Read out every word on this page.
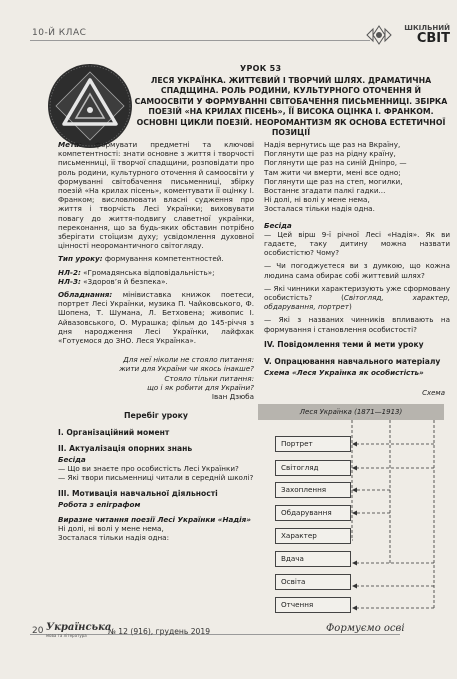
10-Й КЛАС	ШКІЛЬНИЙ
СВІТ
УРОК 53
ЛЕСЯ УКРАЇНКА. ЖИТТЄВИЙ І ТВОРЧИЙ ШЛЯХ. ДРАМАТИЧНА СПАДЩИНА. РОЛЬ РОДИНИ, КУЛЬТУРНОГО ОТОЧЕННЯ Й САМООСВІТИ У ФОРМУВАННІ СВІТОБАЧЕННЯ ПИСЬМЕННИЦІ. ЗБІРКА ПОЕЗІЙ «НА КРИЛАХ ПІСЕНЬ», ЇЇ ВИСОКА ОЦІНКА І. ФРАНКОМ. ОСНОВНІ ЦИКЛИ ПОЕЗІЙ. НЕОРОМАНТИЗМ ЯК ОСНОВА ЕСТЕТИЧНОЇ ПОЗИЦІЇ

Мета: формувати предметні та ключові компетентності: знати основне з життя і творчості письменниці, її творчої спадщини, розповідати про роль родини, культурного оточення й самоосвіти у формуванні світобачення письменниці, збірку поезій «На крилах пісень», коментувати її оцінку І. Франком; висловлювати власні судження про життя і творчість Лесі Українки; виховувати повагу до життя-подвигу славетної українки, переконання, що за будь-яких обставин потрібно зберігати стоїцизм духу; усвідомлення духовної цінності неоромантичного світогляду.

Тип уроку: формування компетентностей.

НЛ-2: «Громадянська відповідальність»;

НЛ-3: «Здоров’я й безпека».

Обладнання: мінівиставка книжок поетеси, портрет Лесі Українки, музика П. Чайковського, Ф. Шопена, Т. Шумана, Л. Бетховена; живопис І. Айвазовського, О. Мурашка; фільм до 145-річчя з дня народження Лесі Українки, лайфхак «Готуємося до ЗНО. Леся Українка».

Для неї ніколи не стояло питання:
жити для України чи якось інакше?
Стояло тільки питання:
що і як робити для України?
Іван Дзюба
Перебіг уроку
I. Організаційний момент
II. Актуалізація опорних знань
Бесіда

— Що ви знаєте про особистість Лесі Українки?

— Які твори письменниці читали в середній школі?

III. Мотивація навчальної діяльності
Робота з епіграфом
Виразне читання поезії Лесі Українки «Надія»

Ні долі, ні волі у мене нема,

Зосталася тільки надія одна:

Надія вернутись ще раз на Вкраїну,

Поглянути ще раз на рідну країну,

Поглянути ще раз на синій Дніпро, —

Там жити чи вмерти, мені все одно;

Поглянути ще раз на степ, могилки,

Востаннє згадати палкі гадки...

Ні долі, ні волі у мене нема,

Зосталася тільки надія одна.

Бесіда

— Цей вірш 9-ї річної Лесі «Надія». Як ви гадаєте, таку дитину можна назвати особистістю? Чому?

— Чи погоджуєтеся ви з думкою, що кожна людина сама обирає собі життєвий шлях?

— Які чинники характеризують уже сформовану особистість? (Світогляд, характер, обдарування, портрет)

— Які з названих чинників впливають на формування і становлення особистості?

IV. Повідомлення теми й мети уроку
V. Опрацювання навчального матеріалу
Схема «Леся Українка як особистість»
Схема
Леся Українка (1871—1913)
Портрет
Світогляд
Захоплення
Обдарування
Характер
Вдача
Освіта
Отчення
20 Українська
мова та література	№ 12 (916), грудень 2019	Формуємо осві
